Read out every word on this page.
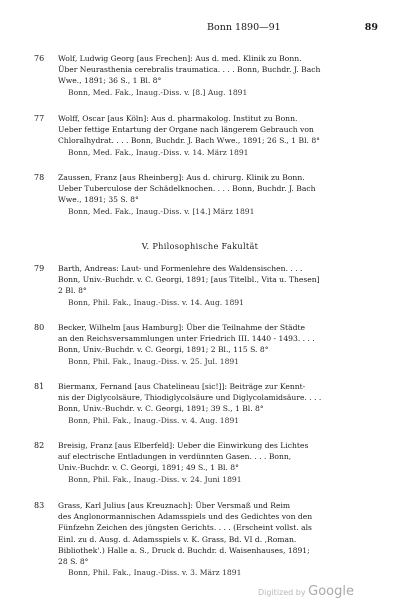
Bonn 1890—91	89
76 Wolf, Ludwig Georg [aus Frechen]: Aus d. med. Klinik zu Bonn.
Über Neurasthenia cerebralis traumatica. . . . Bonn, Buchdr. J. Bach
Wwe., 1891; 36 S., 1 Bl. 8°
Bonn, Med. Fak., Inaug.-Diss. v. [8.] Aug. 1891
77 Wolff, Oscar [aus Köln]: Aus d. pharmakolog. Institut zu Bonn.
Ueber fettige Entartung der Organe nach längerem Gebrauch von
Chloralhydrat. . . . Bonn, Buchdr. J. Bach Wwe., 1891; 26 S., 1 Bl. 8°
Bonn, Med. Fak., Inaug.-Diss. v. 14. März 1891
78 Zaussen, Franz [aus Rheinberg]: Aus d. chirurg. Klinik zu Bonn.
Ueber Tuberculose der Schädelknochen. . . . Bonn, Buchdr. J. Bach
Wwe., 1891; 35 S. 8°
Bonn, Med. Fak., Inaug.-Diss. v. [14.] März 1891
V. Philosophische Fakultät
79 Barth, Andreas: Laut- und Formenlehre des Waldensischen. . . .
Bonn, Univ.-Buchdr. v. C. Georgi, 1891; [aus Titelbl., Vita u. Thesen]
2 Bl. 8°
Bonn, Phil. Fak., Inaug.-Diss. v. 14. Aug. 1891
80 Becker, Wilhelm [aus Hamburg]: Über die Teilnahme der Städte
an den Reichsversammlungen unter Friedrich III. 1440 - 1493. . . .
Bonn, Univ.-Buchdr. v. C. Georgi, 1891; 2 Bl., 115 S. 8°
Bonn, Phil. Fak., Inaug.-Diss. v. 25. Jul. 1891
81 Biermanx, Fernand [aus Chatelineau [sic!]]: Beiträge zur Kennt-
nis der Diglycolsäure, Thiodiglycolsäure und Diglycolamidsäure. . . .
Bonn, Univ.-Buchdr. v. C. Georgi, 1891; 39 S., 1 Bl. 8°
Bonn, Phil. Fak., Inaug.-Diss. v. 4. Aug. 1891
82 Breisig, Franz [aus Elberfeld]: Ueber die Einwirkung des Lichtes
auf electrische Entladungen in verdünnten Gasen. . . . Bonn,
Univ.-Buchdr. v. C. Georgi, 1891; 49 S., 1 Bl. 8°
Bonn, Phil. Fak., Inaug.-Diss. v. 24. Juni 1891
83 Grass, Karl Julius [aus Kreuznach]: Über Versmaß und Reim
des Anglonormannischen Adamsspiels und des Gedichtes von den
Fünfzehn Zeichen des jüngsten Gerichts. . . . (Erscheint vollst. als
Einl. zu d. Ausg. d. Adamsspiels v. K. Grass, Bd. VI d. ,Roman.
Bibliothek'.) Halle a. S., Druck d. Buchdr. d. Waisenhauses, 1891;
28 S. 8°
Bonn, Phil. Fak., Inaug.-Diss. v. 3. März 1891
Digitized by Google
